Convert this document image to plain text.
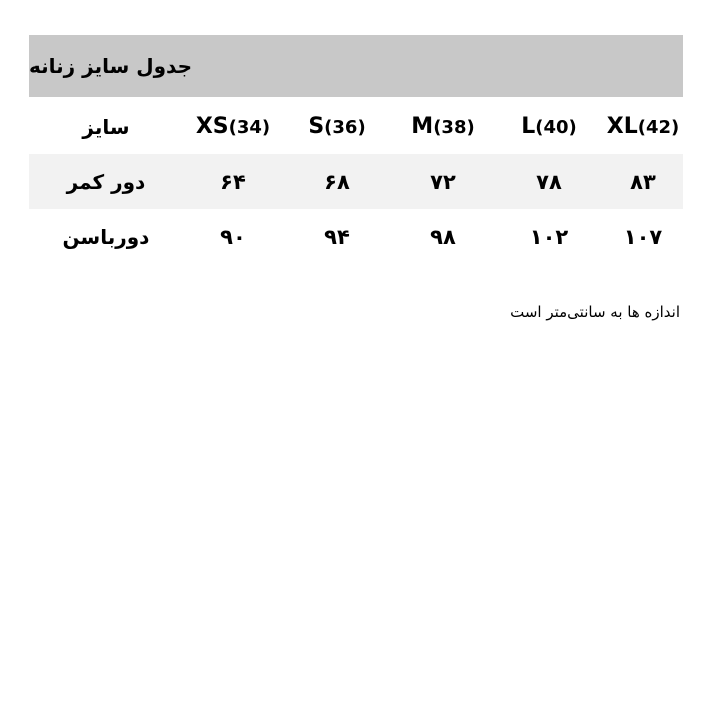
جدول سایز زنانه
سایز	XS(34)	S(36)	M(38)	L(40)	XL(42)
دور کمر	۶۴	۶۸	۷۲	۷۸	۸۳
دورباسن	۹۰	۹۴	۹۸	۱۰۲	۱۰۷
اندازه ها به سانتی‌متر است
